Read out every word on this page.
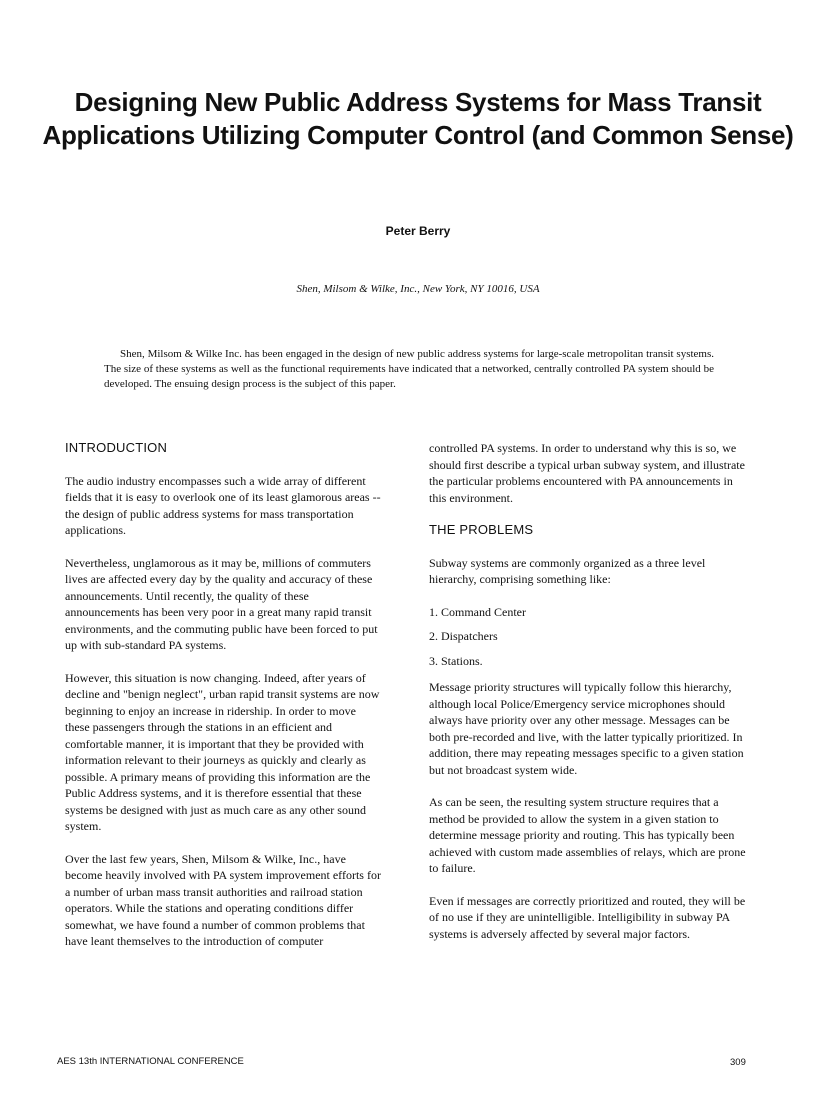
Designing New Public Address Systems for Mass Transit Applications Utilizing Computer Control (and Common Sense)
Peter Berry
Shen, Milsom & Wilke, Inc., New York, NY 10016, USA

Shen, Milsom & Wilke Inc. has been engaged in the design of new public address systems for large-scale metropolitan transit systems. The size of these systems as well as the functional requirements have indicated that a networked, centrally controlled PA system should be developed. The ensuing design process is the subject of this paper.

INTRODUCTION

The audio industry encompasses such a wide array of different fields that it is easy to overlook one of its least glamorous areas -- the design of public address systems for mass transportation applications.

Nevertheless, unglamorous as it may be, millions of commuters lives are affected every day by the quality and accuracy of these announcements. Until recently, the quality of these announcements has been very poor in a great many rapid transit environments, and the commuting public have been forced to put up with sub-standard PA systems.

However, this situation is now changing. Indeed, after years of decline and "benign neglect", urban rapid transit systems are now beginning to enjoy an increase in ridership. In order to move these passengers through the stations in an efficient and comfortable manner, it is important that they be provided with information relevant to their journeys as quickly and clearly as possible. A primary means of providing this information are the Public Address systems, and it is therefore essential that these systems be designed with just as much care as any other sound system.

Over the last few years, Shen, Milsom & Wilke, Inc., have become heavily involved with PA system improvement efforts for a number of urban mass transit authorities and railroad station operators. While the stations and operating conditions differ somewhat, we have found a number of common problems that have leant themselves to the introduction of computer

controlled PA systems. In order to understand why this is so, we should first describe a typical urban subway system, and illustrate the particular problems encountered with PA announcements in this environment.

THE PROBLEMS

Subway systems are commonly organized as a three level hierarchy, comprising something like:

1. Command Center
2. Dispatchers
3. Stations.

Message priority structures will typically follow this hierarchy, although local Police/Emergency service microphones should always have priority over any other message. Messages can be both pre-recorded and live, with the latter typically prioritized. In addition, there may repeating messages specific to a given station but not broadcast system wide.

As can be seen, the resulting system structure requires that a method be provided to allow the system in a given station to determine message priority and routing. This has typically been achieved with custom made assemblies of relays, which are prone to failure.

Even if messages are correctly prioritized and routed, they will be of no use if they are unintelligible. Intelligibility in subway PA systems is adversely affected by several major factors.

AES 13th INTERNATIONAL CONFERENCE	309
